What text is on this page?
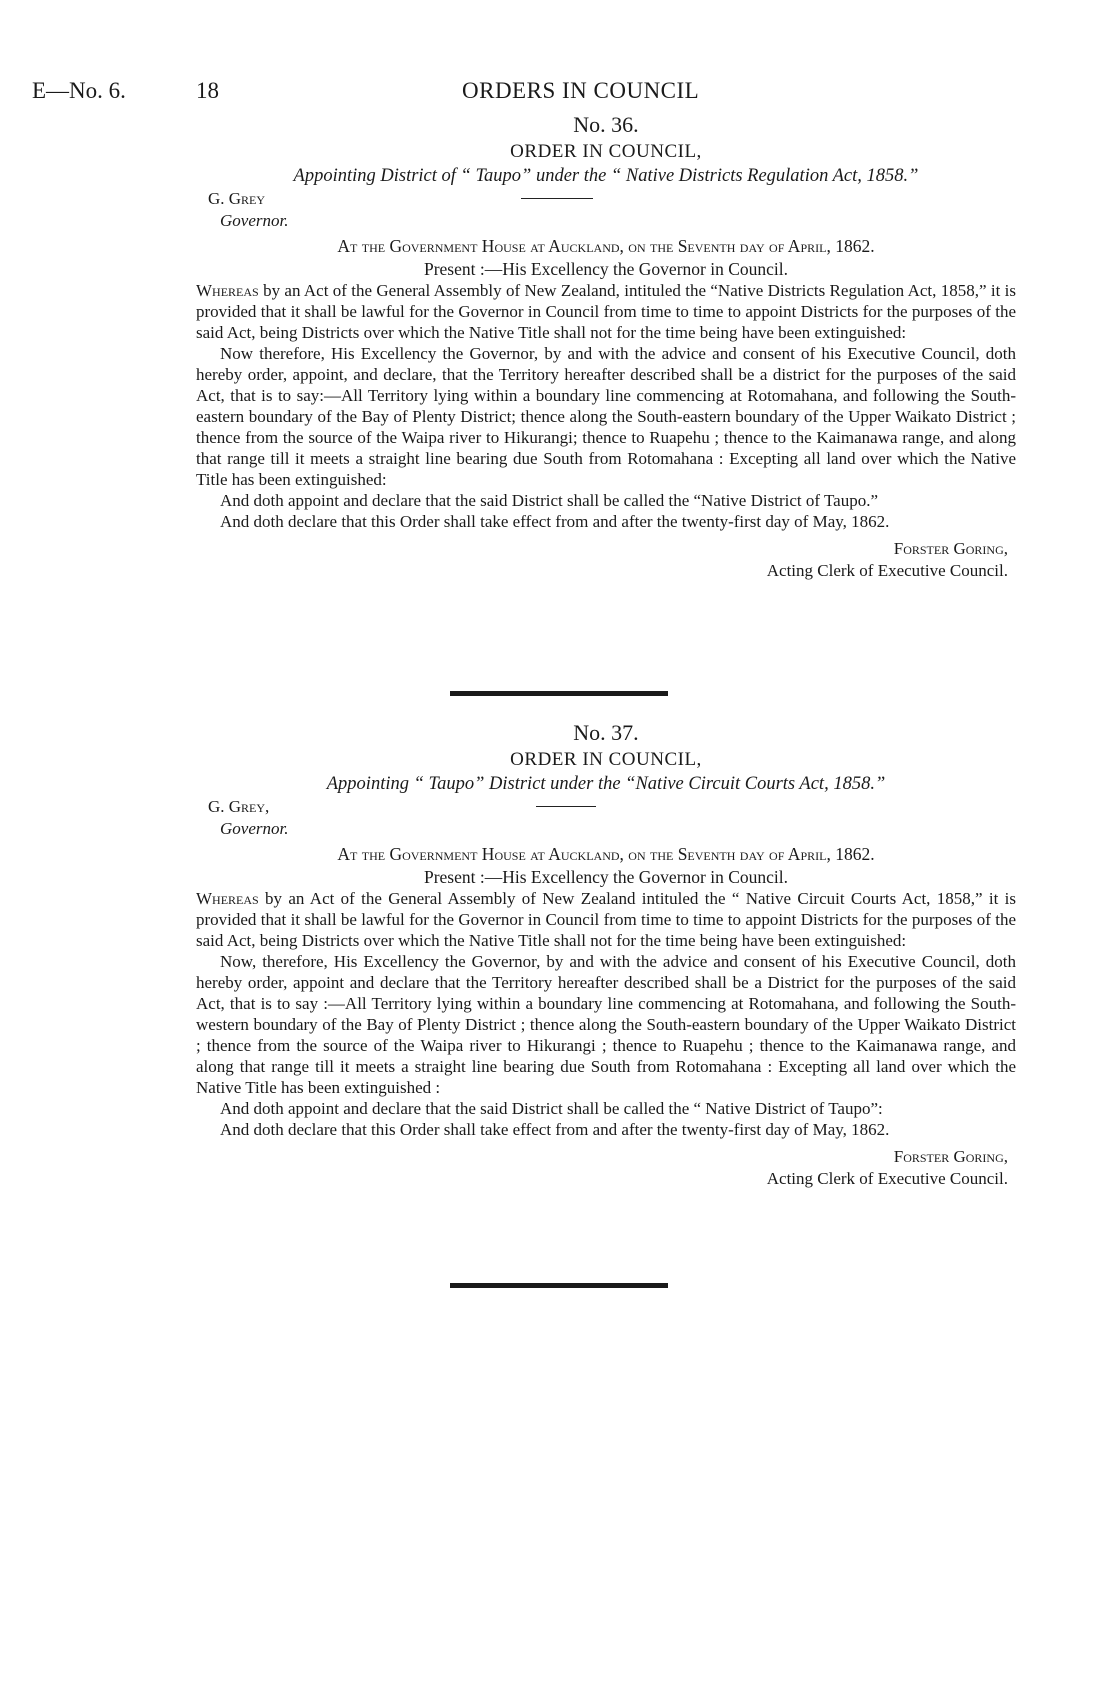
E—No. 6.	18	ORDERS IN COUNCIL

No. 36.

ORDER IN COUNCIL,

Appointing District of “ Taupo” under the “ Native Districts Regulation Act, 1858.”

G. Grey
Governor.

At the Government House at Auckland, on the Seventh day of April, 1862.

Present :—His Excellency the Governor in Council.

Whereas by an Act of the General Assembly of New Zealand, intituled the “Native Districts Regulation Act, 1858,” it is provided that it shall be lawful for the Governor in Council from time to time to appoint Districts for the purposes of the said Act, being Districts over which the Native Title shall not for the time being have been extinguished:

Now therefore, His Excellency the Governor, by and with the advice and consent of his Executive Council, doth hereby order, appoint, and declare, that the Territory hereafter described shall be a district for the purposes of the said Act, that is to say:—All Territory lying within a boundary line commencing at Rotomahana, and following the South-eastern boundary of the Bay of Plenty District; thence along the South-eastern boundary of the Upper Waikato District ; thence from the source of the Waipa river to Hikurangi; thence to Ruapehu ; thence to the Kaimanawa range, and along that range till it meets a straight line bearing due South from Rotomahana : Excepting all land over which the Native Title has been extinguished:

And doth appoint and declare that the said District shall be called the “Native District of Taupo.”

And doth declare that this Order shall take effect from and after the twenty-first day of May, 1862.

Forster Goring,

Acting Clerk of Executive Council.

No. 37.

ORDER IN COUNCIL,

Appointing “ Taupo” District under the “Native Circuit Courts Act, 1858.”

G. Grey,
Governor.

At the Government House at Auckland, on the Seventh day of April, 1862.

Present :—His Excellency the Governor in Council.

Whereas by an Act of the General Assembly of New Zealand intituled the “ Native Circuit Courts Act, 1858,” it is provided that it shall be lawful for the Governor in Council from time to time to appoint Districts for the purposes of the said Act, being Districts over which the Native Title shall not for the time being have been extinguished:

Now, therefore, His Excellency the Governor, by and with the advice and consent of his Executive Council, doth hereby order, appoint and declare that the Territory hereafter described shall be a District for the purposes of the said Act, that is to say :—All Territory lying within a boundary line commencing at Rotomahana, and following the South-western boundary of the Bay of Plenty District ; thence along the South-eastern boundary of the Upper Waikato District ; thence from the source of the Waipa river to Hikurangi ; thence to Ruapehu ; thence to the Kaimanawa range, and along that range till it meets a straight line bearing due South from Rotomahana : Excepting all land over which the Native Title has been extinguished :

And doth appoint and declare that the said District shall be called the “ Native District of Taupo”:

And doth declare that this Order shall take effect from and after the twenty-first day of May, 1862.

Forster Goring,

Acting Clerk of Executive Council.
